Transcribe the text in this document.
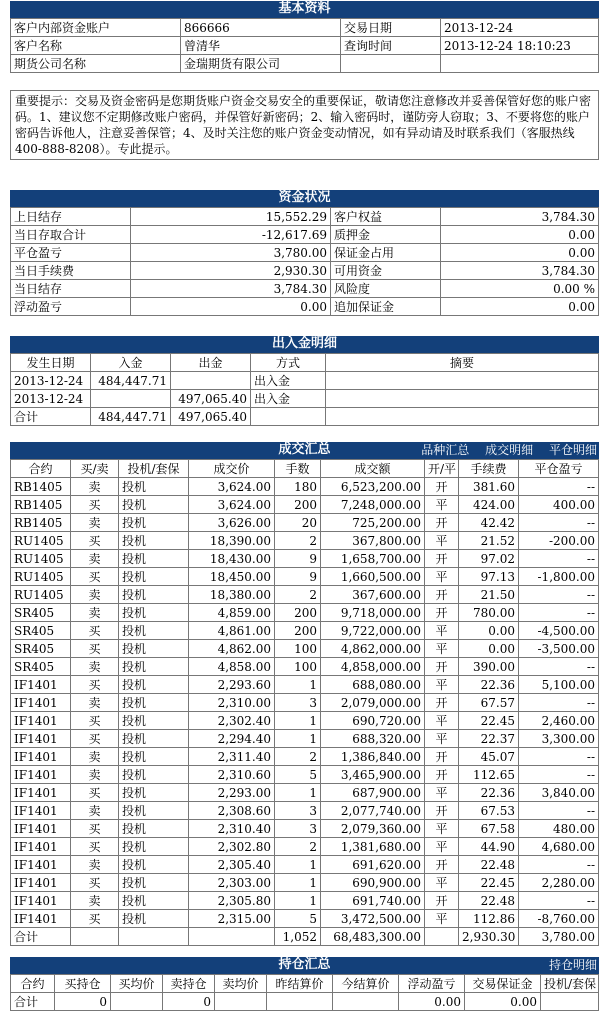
基本资料
客户内部资金账户	866666	交易日期	2013-12-24
客户名称	曾清华	查询时间	2013-12-24 18:10:23
期货公司名称	金瑞期货有限公司		
重要提示：交易及资金密码是您期货账户资金交易安全的重要保证，敬请您注意修改并妥善保管好您的账户密码。1、建议您不定期修改账户密码，并保管好新密码；2、输入密码时，谨防旁人窃取；3、不要将您的账户密码告诉他人，注意妥善保管；4、及时关注您的账户资金变动情况，如有异动请及时联系我们（客服热线400-888-8208）。专此提示。
资金状况
上日结存	15,552.29	客户权益	3,784.30
当日存取合计	-12,617.69	质押金	0.00
平仓盈亏	3,780.00	保证金占用	0.00
当日手续费	2,930.30	可用资金	3,784.30
当日结存	3,784.30	风险度	0.00 %
浮动盈亏	0.00	追加保证金	0.00
出入金明细
发生日期	入金	出金	方式	摘要
2013-12-24	484,447.71		出入金	
2013-12-24		497,065.40	出入金	
合计	484,447.71	497,065.40		
成交汇总	品种汇总 成交明细 平仓明细
合约	买/卖	投机/套保	成交价	手数	成交额	开/平	手续费	平仓盈亏
RB1405	卖	投机	3,624.00	180	6,523,200.00	开	381.60	--
RB1405	买	投机	3,624.00	200	7,248,000.00	平	424.00	400.00
RB1405	卖	投机	3,626.00	20	725,200.00	开	42.42	--
RU1405	买	投机	18,390.00	2	367,800.00	平	21.52	-200.00
RU1405	卖	投机	18,430.00	9	1,658,700.00	开	97.02	--
RU1405	买	投机	18,450.00	9	1,660,500.00	平	97.13	-1,800.00
RU1405	卖	投机	18,380.00	2	367,600.00	开	21.50	--
SR405	卖	投机	4,859.00	200	9,718,000.00	开	780.00	--
SR405	买	投机	4,861.00	200	9,722,000.00	平	0.00	-4,500.00
SR405	买	投机	4,862.00	100	4,862,000.00	平	0.00	-3,500.00
SR405	卖	投机	4,858.00	100	4,858,000.00	开	390.00	--
IF1401	买	投机	2,293.60	1	688,080.00	平	22.36	5,100.00
IF1401	卖	投机	2,310.00	3	2,079,000.00	开	67.57	--
IF1401	买	投机	2,302.40	1	690,720.00	平	22.45	2,460.00
IF1401	买	投机	2,294.40	1	688,320.00	平	22.37	3,300.00
IF1401	卖	投机	2,311.40	2	1,386,840.00	开	45.07	--
IF1401	卖	投机	2,310.60	5	3,465,900.00	开	112.65	--
IF1401	买	投机	2,293.00	1	687,900.00	平	22.36	3,840.00
IF1401	卖	投机	2,308.60	3	2,077,740.00	开	67.53	--
IF1401	买	投机	2,310.40	3	2,079,360.00	平	67.58	480.00
IF1401	买	投机	2,302.80	2	1,381,680.00	平	44.90	4,680.00
IF1401	卖	投机	2,305.40	1	691,620.00	开	22.48	--
IF1401	买	投机	2,303.00	1	690,900.00	平	22.45	2,280.00
IF1401	卖	投机	2,305.80	1	691,740.00	开	22.48	--
IF1401	买	投机	2,315.00	5	3,472,500.00	平	112.86	-8,760.00
合计				1,052	68,483,300.00		2,930.30	3,780.00
持仓汇总	持仓明细
合约	买持仓	买均价	卖持仓	卖均价	昨结算价	今结算价	浮动盈亏	交易保证金	投机/套保
合计	0		0				0.00	0.00	
